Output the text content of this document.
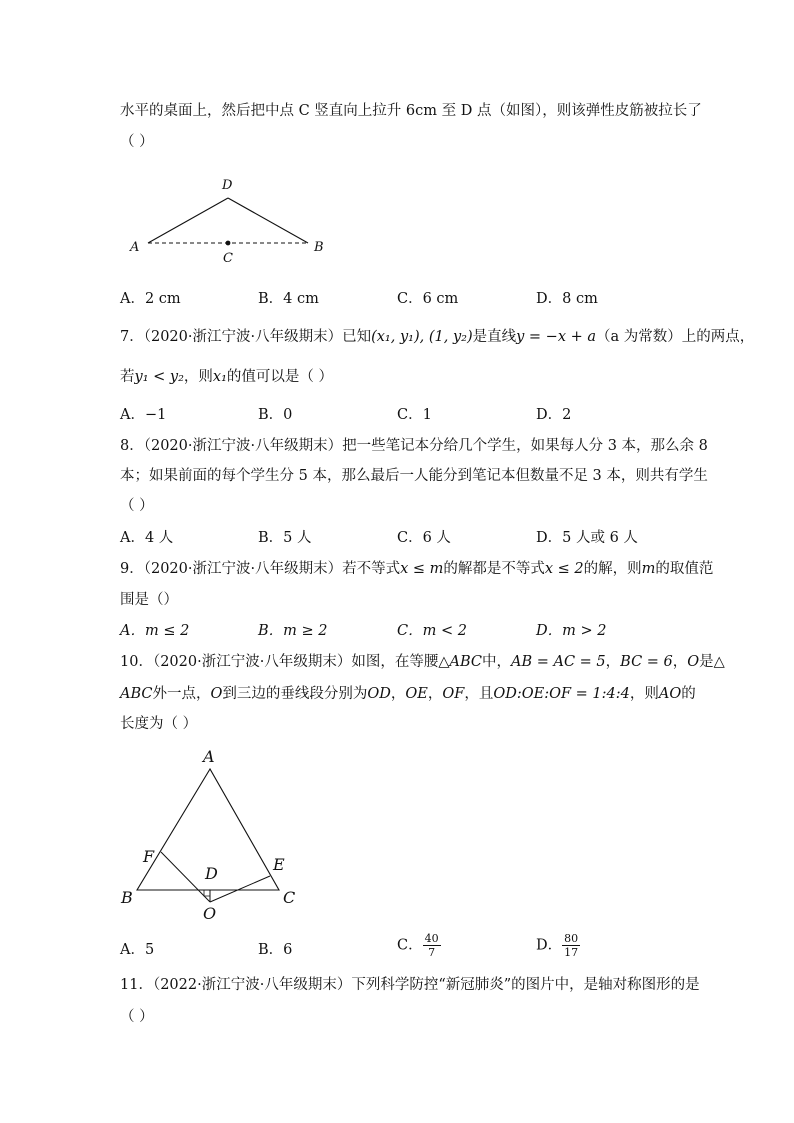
水平的桌面上，然后把中点 C 竖直向上拉升 6cm 至 D 点（如图），则该弹性皮筋被拉长了
（ ）
D
A
C
B
A．2 cm	B．4 cm	C．6 cm	D．8 cm
7．（2020·浙江宁波·八年级期末）已知(x₁, y₁), (1, y₂)是直线y = −x + a（a 为常数）上的两点，
若y₁ < y₂，则x₁的值可以是（ ）
A．−1	B．0	C．1	D．2
8．（2020·浙江宁波·八年级期末）把一些笔记本分给几个学生，如果每人分 3 本，那么余 8
本；如果前面的每个学生分 5 本，那么最后一人能分到笔记本但数量不足 3 本，则共有学生
（ ）
A．4 人	B．5 人	C．6 人	D．5 人或 6 人
9．（2020·浙江宁波·八年级期末）若不等式x ≤ m的解都是不等式x ≤ 2的解，则m的取值范
围是（）
A．m ≤ 2	B．m ≥ 2	C．m < 2	D．m > 2
10．（2020·浙江宁波·八年级期末）如图，在等腰△ABC中，AB = AC = 5，BC = 6，O是△
ABC外一点，O到三边的垂线段分别为OD，OE，OF，且OD:OE:OF = 1:4:4，则AO的
长度为（ ）
A
F	E
D
B	C
O
A．5	B．6	C． $\frac{40}{7}$	D． $\frac{80}{17}$
11．（2022·浙江宁波·八年级期末）下列科学防控“新冠肺炎”的图片中，是轴对称图形的是
（ ）
